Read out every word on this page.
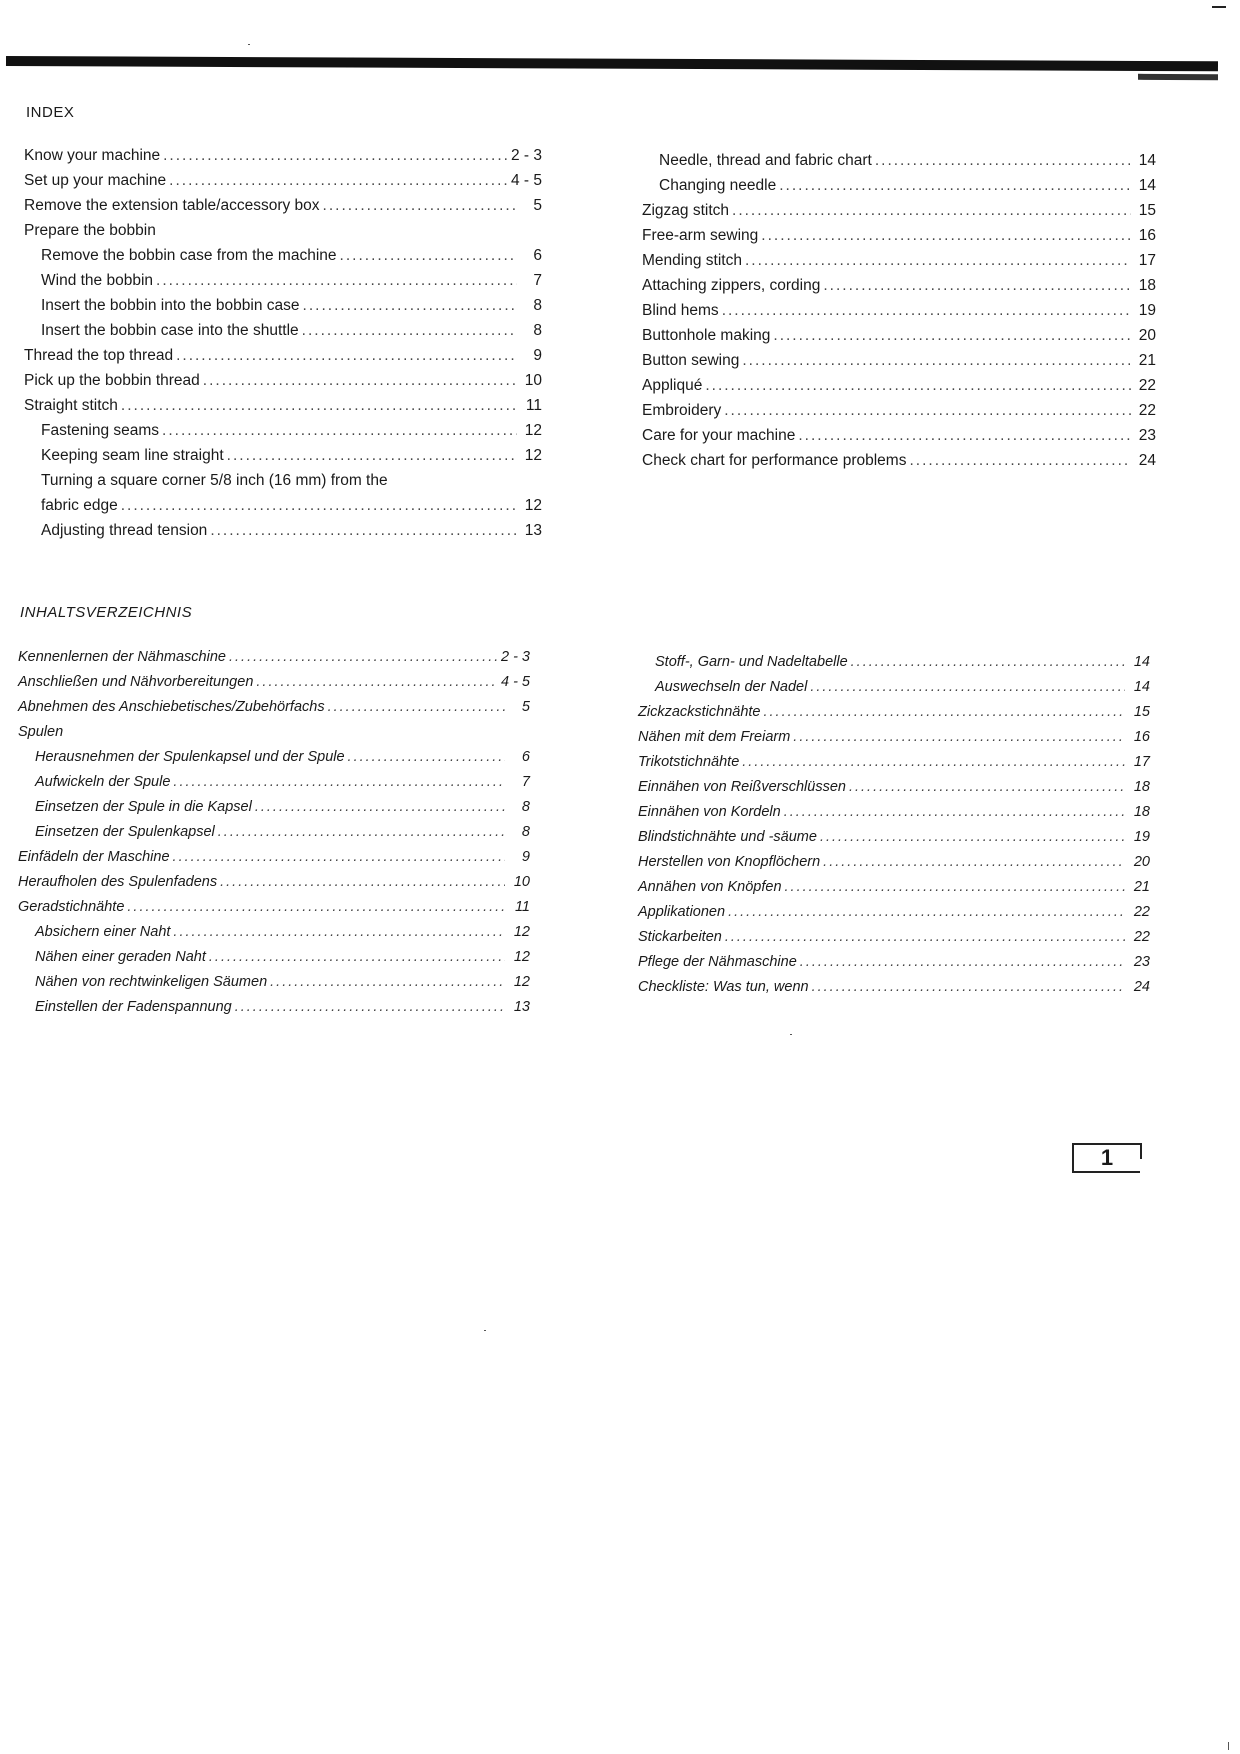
INDEX
Know your machine .....	2 - 3
Set up your machine .....	4 - 5
Remove the extension table/accessory box .....	5
Prepare the bobbin
Remove the bobbin case from the machine .....	6
Wind the bobbin .....	7
Insert the bobbin into the bobbin case .....	8
Insert the bobbin case into the shuttle .....	8
Thread the top thread .....	9
Pick up the bobbin thread .....	10
Straight stitch .....	11
Fastening seams .....	12
Keeping seam line straight .....	12
Turning a square corner 5/8 inch (16 mm) from the
fabric edge .....	12
Adjusting thread tension .....	13
Needle, thread and fabric chart .....	14
Changing needle .....	14
Zigzag stitch .....	15
Free-arm sewing .....	16
Mending stitch .....	17
Attaching zippers, cording .....	18
Blind hems .....	19
Buttonhole making .....	20
Button sewing .....	21
Appliqué .....	22
Embroidery .....	22
Care for your machine .....	23
Check chart for performance problems .....	24
INHALTSVERZEICHNIS
Kennenlernen der Nähmaschine .....	2 - 3
Anschließen und Nähvorbereitungen .....	4 - 5
Abnehmen des Anschiebetisches/Zubehörfachs .....	5
Spulen
Herausnehmen der Spulenkapsel und der Spule .....	6
Aufwickeln der Spule .....	7
Einsetzen der Spule in die Kapsel .....	8
Einsetzen der Spulenkapsel .....	8
Einfädeln der Maschine .....	9
Heraufholen des Spulenfadens .....	10
Geradstichnähte .....	11
Absichern einer Naht .....	12
Nähen einer geraden Naht .....	12
Nähen von rechtwinkeligen Säumen .....	12
Einstellen der Fadenspannung .....	13
Stoff-, Garn- und Nadeltabelle .....	14
Auswechseln der Nadel .....	14
Zickzackstichnähte .....	15
Nähen mit dem Freiarm .....	16
Trikotstichnähte .....	17
Einnähen von Reißverschlüssen .....	18
Einnähen von Kordeln .....	18
Blindstichnähte und -säume .....	19
Herstellen von Knopflöchern .....	20
Annähen von Knöpfen .....	21
Applikationen .....	22
Stickarbeiten .....	22
Pflege der Nähmaschine .....	23
Checkliste: Was tun, wenn .....	24
1
